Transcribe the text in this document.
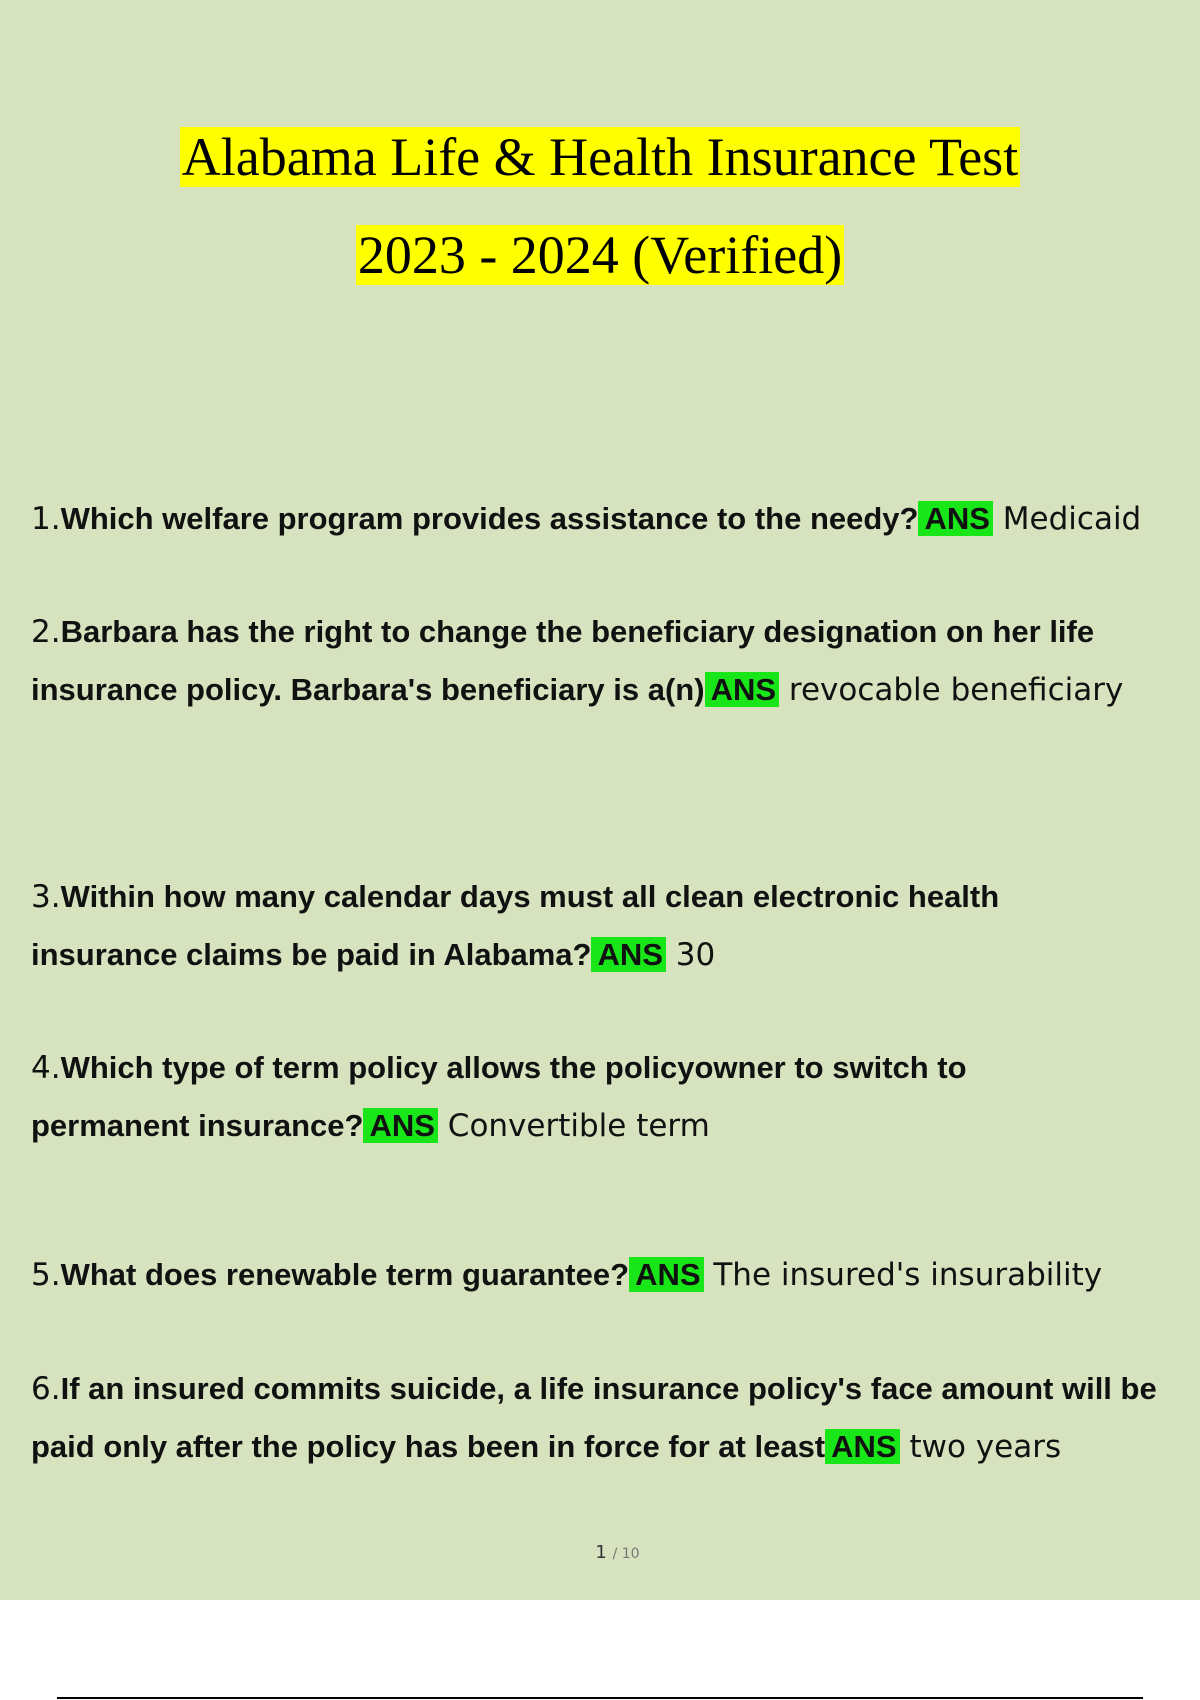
Alabama Life & Health Insurance Test
2023 - 2024 (Verified)
1.Which welfare program provides assistance to the needy? ANS Medicaid
2.Barbara has the right to change the beneficiary designation on her life insurance policy. Barbara's beneficiary is a(n) ANS revocable beneficiary
3.Within how many calendar days must all clean electronic health insurance claims be paid in Alabama? ANS 30
4.Which type of term policy allows the policyowner to switch to permanent insurance? ANS Convertible term
5.What does renewable term guarantee? ANS The insured's insurability
6.If an insured commits suicide, a life insurance policy's face amount will be paid only after the policy has been in force for at least ANS two years
1 / 10
